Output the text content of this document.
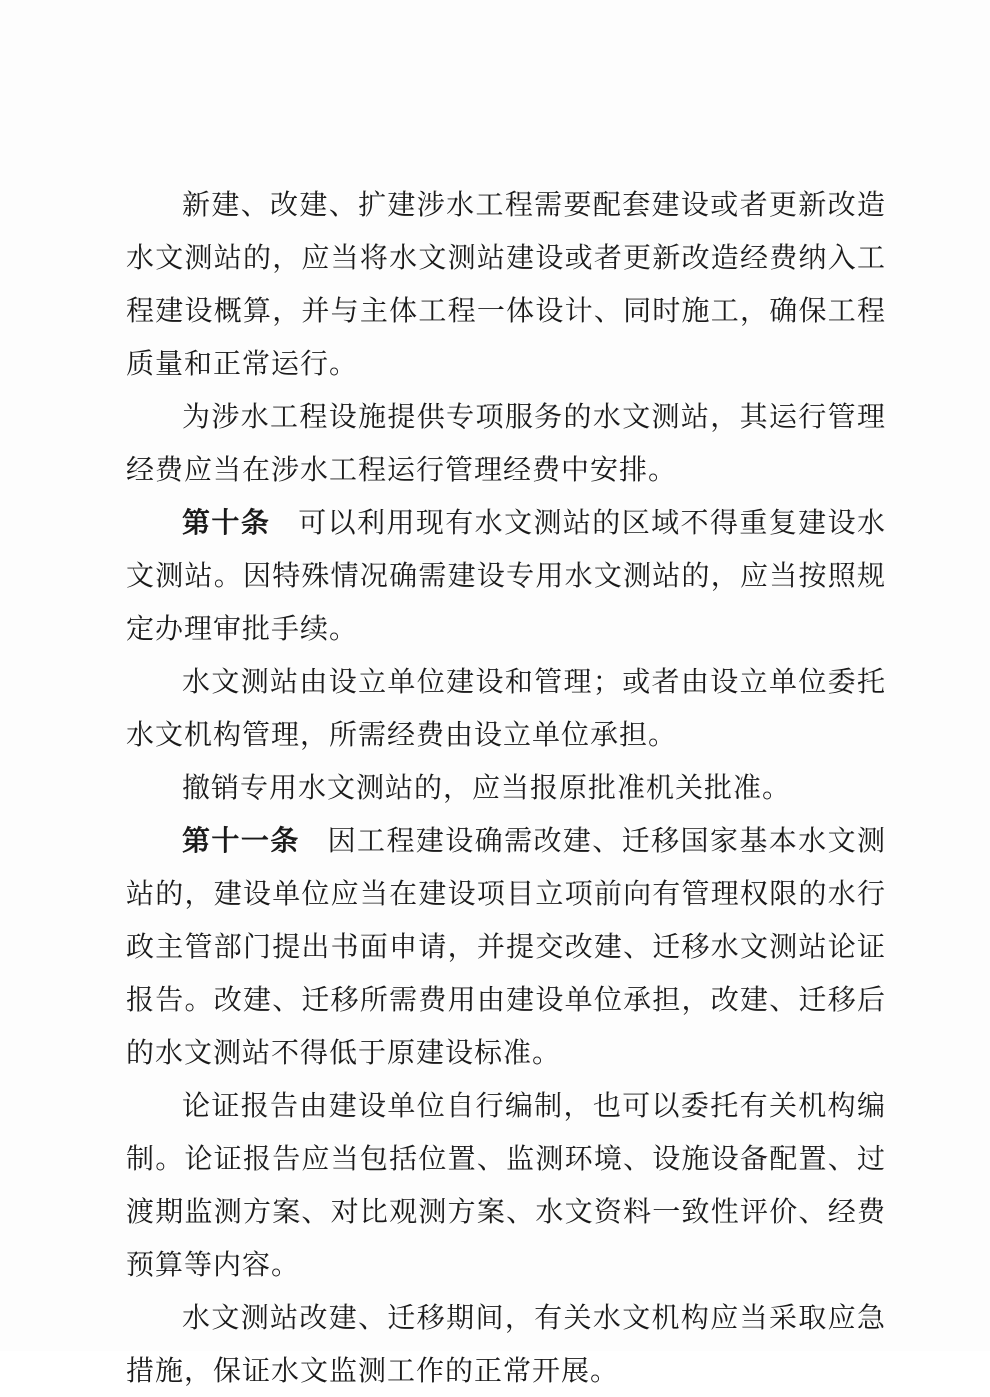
新建、改建、扩建涉水工程需要配套建设或者更新改造水文测站的，应当将水文测站建设或者更新改造经费纳入工程建设概算，并与主体工程一体设计、同时施工，确保工程质量和正常运行。

为涉水工程设施提供专项服务的水文测站，其运行管理经费应当在涉水工程运行管理经费中安排。

第十条 可以利用现有水文测站的区域不得重复建设水文测站。因特殊情况确需建设专用水文测站的，应当按照规定办理审批手续。

水文测站由设立单位建设和管理；或者由设立单位委托水文机构管理，所需经费由设立单位承担。

撤销专用水文测站的，应当报原批准机关批准。

第十一条 因工程建设确需改建、迁移国家基本水文测站的，建设单位应当在建设项目立项前向有管理权限的水行政主管部门提出书面申请，并提交改建、迁移水文测站论证报告。改建、迁移所需费用由建设单位承担，改建、迁移后的水文测站不得低于原建设标准。

论证报告由建设单位自行编制，也可以委托有关机构编制。论证报告应当包括位置、监测环境、设施设备配置、过渡期监测方案、对比观测方案、水文资料一致性评价、经费预算等内容。

水文测站改建、迁移期间，有关水文机构应当采取应急措施，保证水文监测工作的正常开展。
